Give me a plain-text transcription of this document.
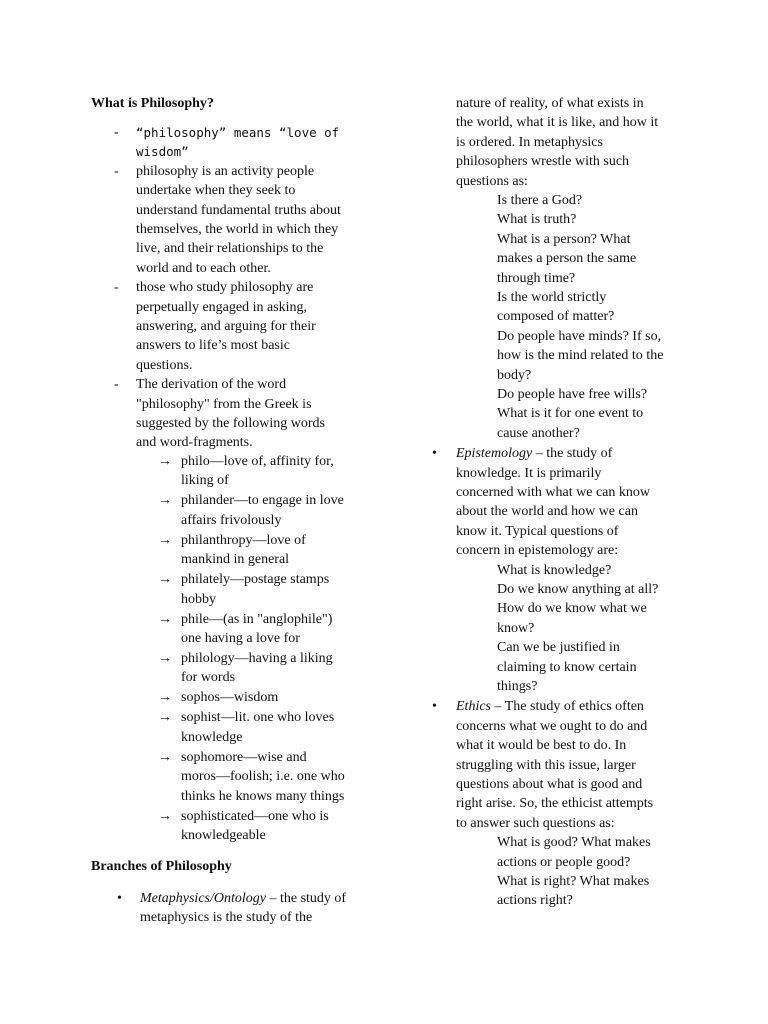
What is Philosophy?
- “philosophy” means “love of
wisdom”
- philosophy is an activity people
undertake when they seek to
understand fundamental truths about
themselves, the world in which they
live, and their relationships to the
world and to each other.
- those who study philosophy are
perpetually engaged in asking,
answering, and arguing for their
answers to life’s most basic
questions.
- The derivation of the word
"philosophy" from the Greek is
suggested by the following words
and word-fragments.
→ philo—love of, affinity for,
liking of
→ philander—to engage in love
affairs frivolously
→ philanthropy—love of
mankind in general
→ philately—postage stamps
hobby
→ phile—(as in "anglophile")
one having a love for
→ philology—having a liking
for words
→ sophos—wisdom
→ sophist—lit. one who loves
knowledge
→ sophomore—wise and
moros—foolish; i.e. one who
thinks he knows many things
→ sophisticated—one who is
knowledgeable
Branches of Philosophy
• Metaphysics/Ontology – the study of
metaphysics is the study of the
nature of reality, of what exists in
the world, what it is like, and how it
is ordered. In metaphysics
philosophers wrestle with such
questions as:
Is there a God?
What is truth?
What is a person? What
makes a person the same
through time?
Is the world strictly
composed of matter?
Do people have minds? If so,
how is the mind related to the
body?
Do people have free wills?
What is it for one event to
cause another?
• Epistemology – the study of
knowledge. It is primarily
concerned with what we can know
about the world and how we can
know it. Typical questions of
concern in epistemology are:
What is knowledge?
Do we know anything at all?
How do we know what we
know?
Can we be justified in
claiming to know certain
things?
• Ethics – The study of ethics often
concerns what we ought to do and
what it would be best to do. In
struggling with this issue, larger
questions about what is good and
right arise. So, the ethicist attempts
to answer such questions as:
What is good? What makes
actions or people good?
What is right? What makes
actions right?
